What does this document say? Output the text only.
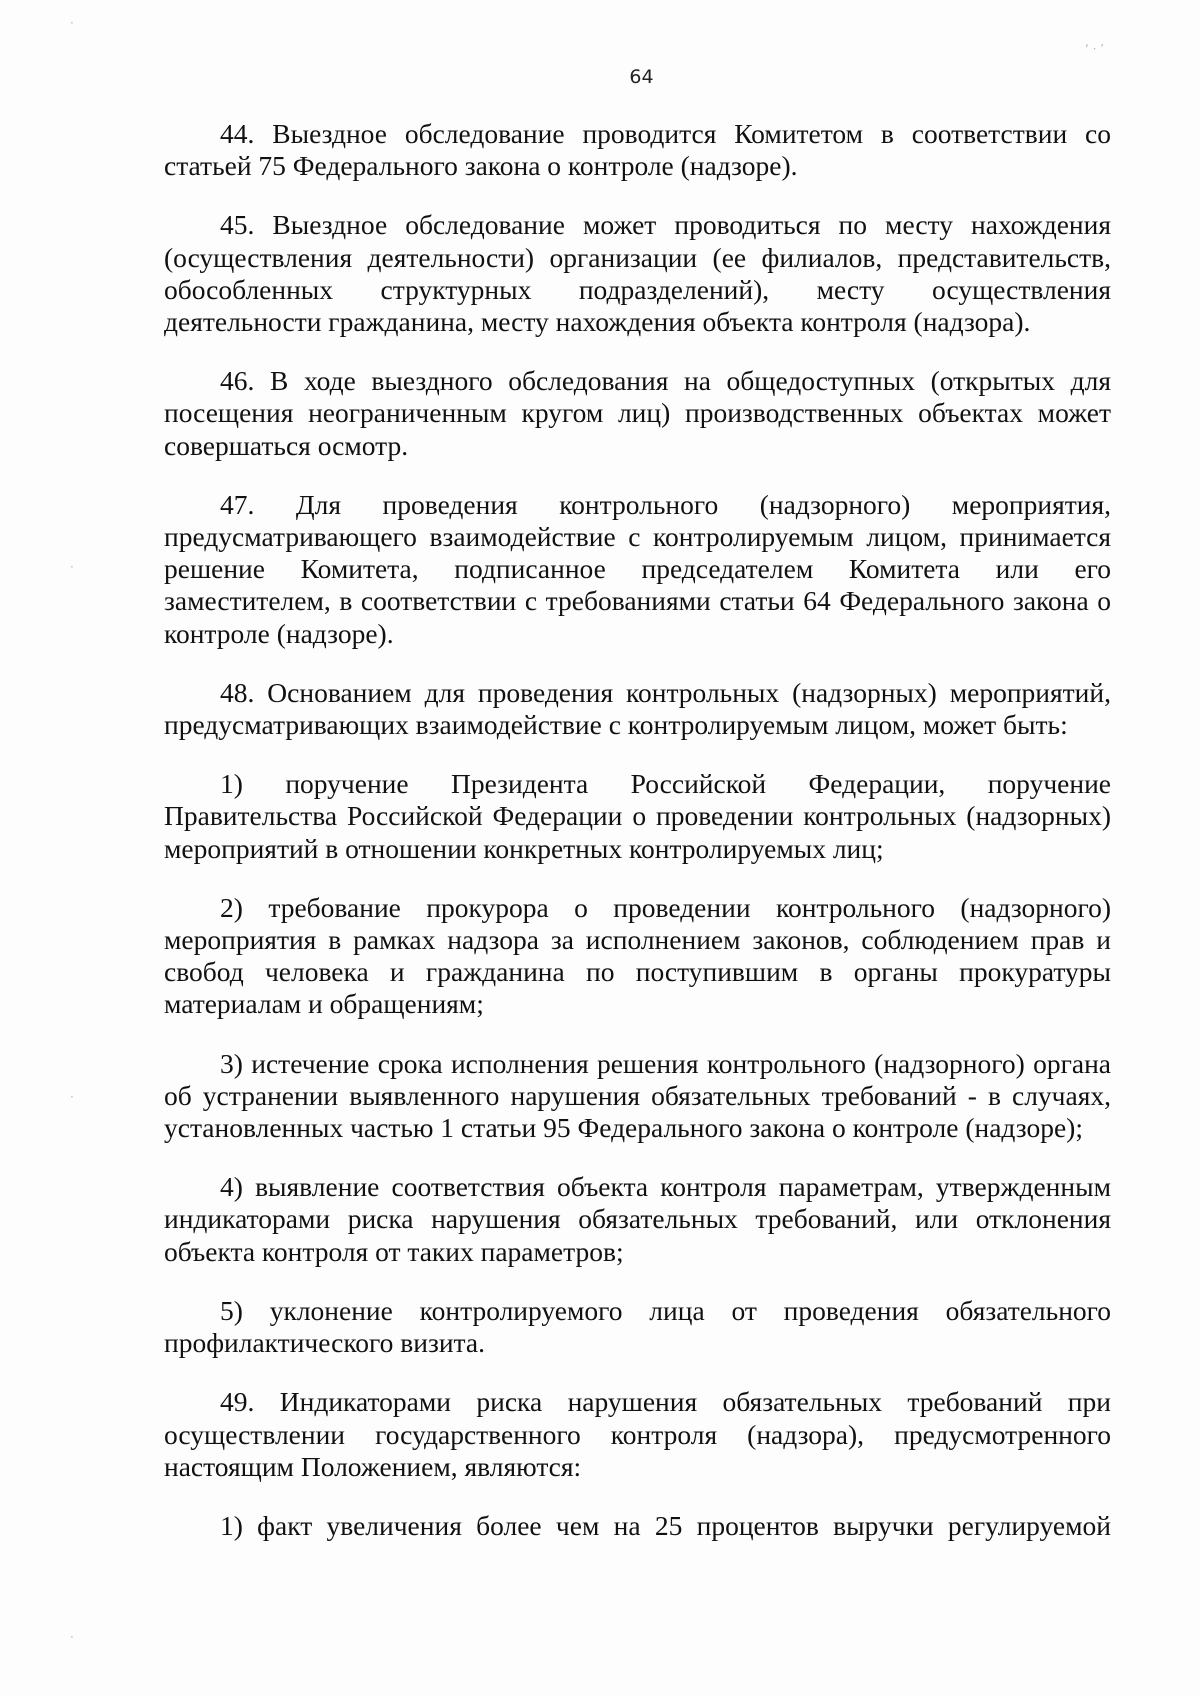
64
‘ · ’
·
·
·
·

44. Выездное обследование проводится Комитетом в соответствии со статьей 75 Федерального закона о контроле (надзоре).

45. Выездное обследование может проводиться по месту нахождения (осуществления деятельности) организации (ее филиалов, представительств, обособленных структурных подразделений), месту осуществления деятельности гражданина, месту нахождения объекта контроля (надзора).

46. В ходе выездного обследования на общедоступных (открытых для посещения неограниченным кругом лиц) производственных объектах может совершаться осмотр.

47. Для проведения контрольного (надзорного) мероприятия, предусматривающего взаимодействие с контролируемым лицом, принимается решение Комитета, подписанное председателем Комитета или его заместителем, в соответствии с требованиями статьи 64 Федерального закона о контроле (надзоре).

48. Основанием для проведения контрольных (надзорных) мероприятий, предусматривающих взаимодействие с контролируемым лицом, может быть:

1) поручение Президента Российской Федерации, поручение Правительства Российской Федерации о проведении контрольных (надзорных) мероприятий в отношении конкретных контролируемых лиц;

2) требование прокурора о проведении контрольного (надзорного) мероприятия в рамках надзора за исполнением законов, соблюдением прав и свобод человека и гражданина по поступившим в органы прокуратуры материалам и обращениям;

3) истечение срока исполнения решения контрольного (надзорного) органа об устранении выявленного нарушения обязательных требований - в случаях, установленных частью 1 статьи 95 Федерального закона о контроле (надзоре);

4) выявление соответствия объекта контроля параметрам, утвержденным индикаторами риска нарушения обязательных требований, или отклонения объекта контроля от таких параметров;

5) уклонение контролируемого лица от проведения обязательного профилактического визита.

49. Индикаторами риска нарушения обязательных требований при осуществлении государственного контроля (надзора), предусмотренного настоящим Положением, являются:

1) факт увеличения более чем на 25 процентов выручки регулируемой
